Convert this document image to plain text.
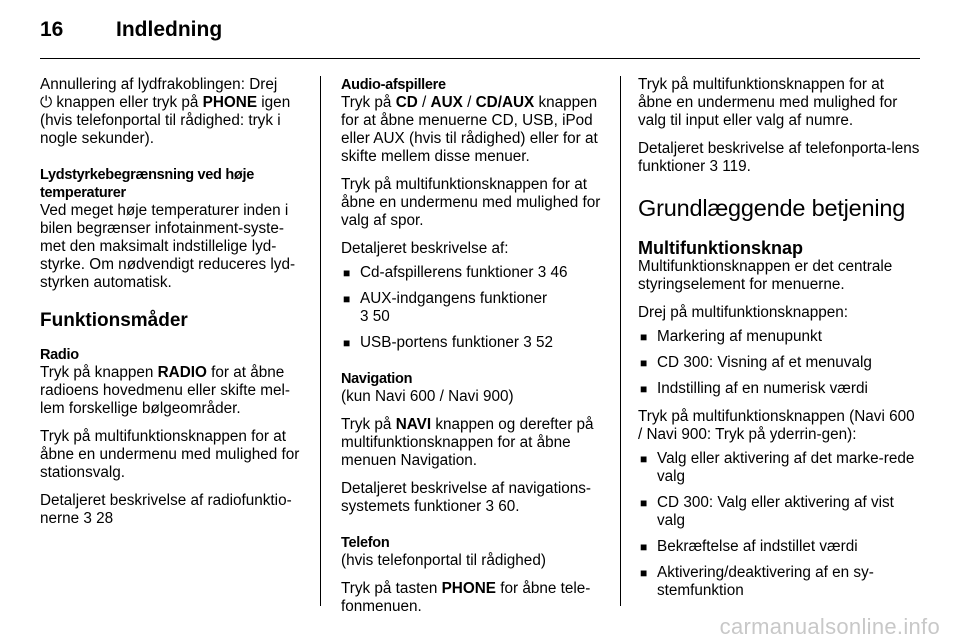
16	Indledning

Annullering af lydfrakoblingen: Drej
⏻ knappen eller tryk på PHONE igen (hvis telefonportal til rådighed: tryk i nogle sekunder).

Lydstyrkebegrænsning ved høje temperaturer

Ved meget høje temperaturer inden i bilen begrænser infotainment-syste-met den maksimalt indstillelige lyd-styrke. Om nødvendigt reduceres lyd-styrken automatisk.

Funktionsmåder
Radio

Tryk på knappen RADIO for at åbne radioens hovedmenu eller skifte mel-lem forskellige bølgeområder.

Tryk på multifunktionsknappen for at åbne en undermenu med mulighed for stationsvalg.

Detaljeret beskrivelse af radiofunktio-nerne 3 28

Audio-afspillere

Tryk på CD / AUX / CD/AUX knappen for at åbne menuerne CD, USB, iPod eller AUX (hvis til rådighed) eller for at skifte mellem disse menuer.

Tryk på multifunktionsknappen for at åbne en undermenu med mulighed for valg af spor.

Detaljeret beskrivelse af:

■ Cd-afspillerens funktioner 3 46
■ AUX-indgangens funktioner
3 50
■ USB-portens funktioner 3 52
Navigation

(kun Navi 600 / Navi 900)

Tryk på NAVI knappen og derefter på multifunktionsknappen for at åbne menuen Navigation.

Detaljeret beskrivelse af navigations-systemets funktioner 3 60.

Telefon

(hvis telefonportal til rådighed)

Tryk på tasten PHONE for åbne tele-fonmenuen.

Tryk på multifunktionsknappen for at åbne en undermenu med mulighed for valg til input eller valg af numre.

Detaljeret beskrivelse af telefonporta-lens funktioner 3 119.

Grundlæggende betjening
Multifunktionsknap

Multifunktionsknappen er det centrale styringselement for menuerne.

Drej på multifunktionsknappen:

■ Markering af menupunkt
■ CD 300: Visning af et menuvalg
■ Indstilling af en numerisk værdi

Tryk på multifunktionsknappen (Navi 600 / Navi 900: Tryk på yderrin-gen):

■ Valg eller aktivering af det marke-rede valg
■ CD 300: Valg eller aktivering af vist valg
■ Bekræftelse af indstillet værdi
■ Aktivering/deaktivering af en sy-stemfunktion
carmanualsonline.info
